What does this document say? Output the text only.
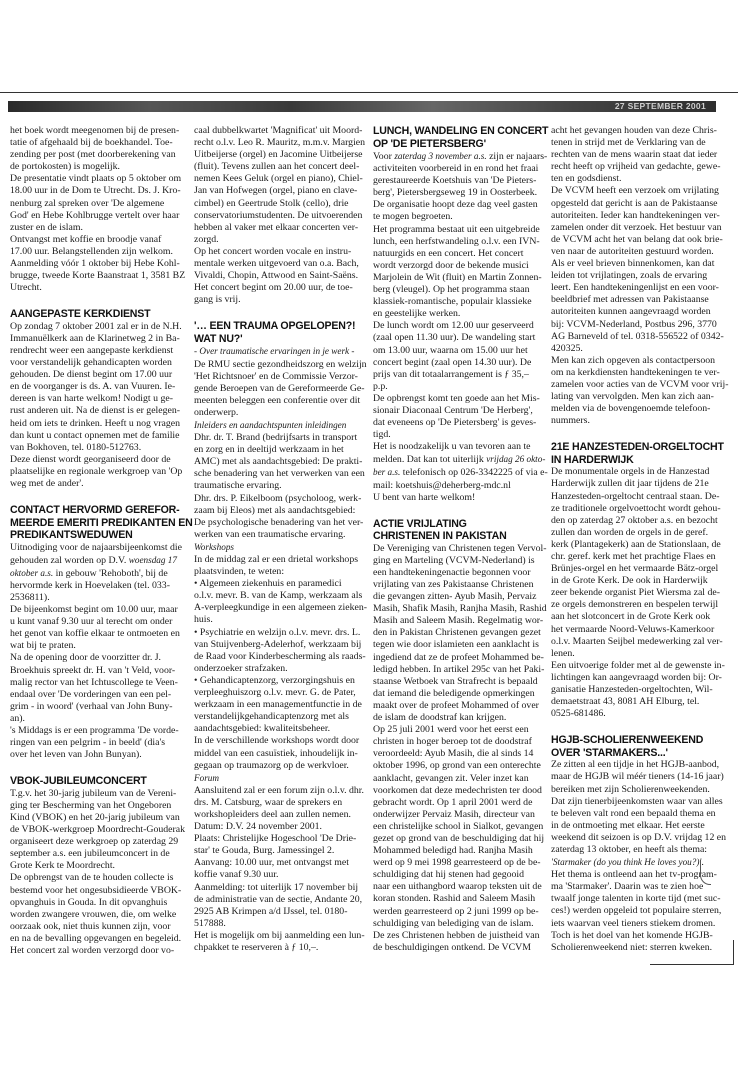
27 SEPTEMBER 2001
het boek wordt meegenomen bij de presen-
tatie of afgehaald bij de boekhandel. Toe-
zending per post (met doorberekening van
de portokosten) is mogelijk.
De presentatie vindt plaats op 5 oktober om
18.00 uur in de Dom te Utrecht. Ds. J. Kro-
nenburg zal spreken over 'De algemene
God' en Hebe Kohlbrugge vertelt over haar
zuster en de islam.
Ontvangst met koffie en broodje vanaf
17.00 uur. Belangstellenden zijn welkom.
Aanmelding vóór 1 oktober bij Hebe Kohl-
brugge, tweede Korte Baanstraat 1, 3581 BZ
Utrecht.
AANGEPASTE KERKDIENST
Op zondag 7 oktober 2001 zal er in de N.H.
Immanuëlkerk aan de Klarinetweg 2 in Ba-
rendrecht weer een aangepaste kerkdienst
voor verstandelijk gehandicapten worden
gehouden. De dienst begint om 17.00 uur
en de voorganger is ds. A. van Vuuren. Ie-
dereen is van harte welkom! Nodigt u ge-
rust anderen uit. Na de dienst is er gelegen-
heid om iets te drinken. Heeft u nog vragen
dan kunt u contact opnemen met de familie
van Bokhoven, tel. 0180-512763.
Deze dienst wordt georganiseerd door de
plaatselijke en regionale werkgroep van 'Op
weg met de ander'.
CONTACT HERVORMD GEREFOR-
MEERDE EMERITI PREDIKANTEN EN
PREDIKANTSWEDUWEN
Uitnodiging voor de najaarsbijeenkomst die
gehouden zal worden op D.V. woensdag 17
oktober a.s. in gebouw 'Rehoboth', bij de
hervormde kerk in Hoevelaken (tel. 033-
2536811).
De bijeenkomst begint om 10.00 uur, maar
u kunt vanaf 9.30 uur al terecht om onder
het genot van koffie elkaar te ontmoeten en
wat bij te praten.
Na de opening door de voorzitter dr. J.
Broekhuis spreekt dr. H. van 't Veld, voor-
malig rector van het Ichtuscollege te Veen-
endaal over 'De vorderingen van een pel-
grim - in woord' (verhaal van John Buny-
an).
's Middags is er een programma 'De vorde-
ringen van een pelgrim - in beeld' (dia's
over het leven van John Bunyan).
VBOK-JUBILEUMCONCERT
T.g.v. het 30-jarig jubileum van de Vereni-
ging ter Bescherming van het Ongeboren
Kind (VBOK) en het 20-jarig jubileum van
de VBOK-werkgroep Moordrecht-Gouderak
organiseert deze werkgroep op zaterdag 29
september a.s. een jubileumconcert in de
Grote Kerk te Moordrecht.
De opbrengst van de te houden collecte is
bestemd voor het ongesubsidieerde VBOK-
opvanghuis in Gouda. In dit opvanghuis
worden zwangere vrouwen, die, om welke
oorzaak ook, niet thuis kunnen zijn, voor
en na de bevalling opgevangen en begeleid.
Het concert zal worden verzorgd door vo-
caal dubbelkwartet 'Magnificat' uit Moord-
recht o.l.v. Leo R. Mauritz, m.m.v. Margien
Uitbeijerse (orgel) en Jacomine Uitbeijerse
(fluit). Tevens zullen aan het concert deel-
nemen Kees Geluk (orgel en piano), Chiel-
Jan van Hofwegen (orgel, piano en clave-
cimbel) en Geertrude Stolk (cello), drie
conservatoriumstudenten. De uitvoerenden
hebben al vaker met elkaar concerten ver-
zorgd.
Op het concert worden vocale en instru-
mentale werken uitgevoerd van o.a. Bach,
Vivaldi, Chopin, Attwood en Saint-Saëns.
Het concert begint om 20.00 uur, de toe-
gang is vrij.
'… EEN TRAUMA OPGELOPEN?!
WAT NU?'
- Over traumatische ervaringen in je werk -
De RMU sectie gezondheidszorg en welzijn
'Het Richtsnoer' en de Commissie Verzor-
gende Beroepen van de Gereformeerde Ge-
meenten beleggen een conferentie over dit
onderwerp.
Inleiders en aandachtspunten inleidingen
Dhr. dr. T. Brand (bedrijfsarts in transport
en zorg en in deeltijd werkzaam in het
AMC) met als aandachtsgebied: De prakti-
sche benadering van het verwerken van een
traumatische ervaring.
Dhr. drs. P. Eikelboom (psycholoog, werk-
zaam bij Eleos) met als aandachtsgebied:
De psychologische benadering van het ver-
werken van een traumatische ervaring.
Workshops
In de middag zal er een drietal workshops
plaatsvinden, te weten:
• Algemeen ziekenhuis en paramedici
o.l.v. mevr. B. van de Kamp, werkzaam als
A-verpleegkundige in een algemeen zieken-
huis.
• Psychiatrie en welzijn o.l.v. mevr. drs. L.
van Stuijvenberg-Adelerhof, werkzaam bij
de Raad voor Kinderbescherming als raads-
onderzoeker strafzaken.
• Gehandicaptenzorg, verzorgingshuis en
verpleeghuiszorg o.l.v. mevr. G. de Pater,
werkzaam in een managementfunctie in de
verstandelijkgehandicaptenzorg met als
aandachtsgebied: kwaliteitsbeheer.
In de verschillende workshops wordt door
middel van een casuïstiek, inhoudelijk in-
gegaan op traumazorg op de werkvloer.
Forum
Aansluitend zal er een forum zijn o.l.v. dhr.
drs. M. Catsburg, waar de sprekers en
workshopleiders deel aan zullen nemen.
Datum: D.V. 24 november 2001.
Plaats: Christelijke Hogeschool 'De Drie-
star' te Gouda, Burg. Jamessingel 2.
Aanvang: 10.00 uur, met ontvangst met
koffie vanaf 9.30 uur.
Aanmelding: tot uiterlijk 17 november bij
de administratie van de sectie, Andante 20,
2925 AB Krimpen a/d IJssel, tel. 0180-
517888.
Het is mogelijk om bij aanmelding een lun-
chpakket te reserveren à ƒ 10,–.
LUNCH, WANDELING EN CONCERT
OP 'DE PIETERSBERG'
Voor zaterdag 3 november a.s. zijn er najaars-
activiteiten voorbereid in en rond het fraai
gerestaureerde Koetshuis van 'De Pieters-
berg', Pietersbergseweg 19 in Oosterbeek.
De organisatie hoopt deze dag veel gasten
te mogen begroeten.
Het programma bestaat uit een uitgebreide
lunch, een herfstwandeling o.l.v. een IVN-
natuurgids en een concert. Het concert
wordt verzorgd door de bekende musici
Marjolein de Wit (fluit) en Martin Zonnen-
berg (vleugel). Op het programma staan
klassiek-romantische, populair klassieke
en geestelijke werken.
De lunch wordt om 12.00 uur geserveerd
(zaal open 11.30 uur). De wandeling start
om 13.00 uur, waarna om 15.00 uur het
concert begint (zaal open 14.30 uur). De
prijs van dit totaalarrangement is ƒ 35,–
p.p.
De opbrengst komt ten goede aan het Mis-
sionair Diaconaal Centrum 'De Herberg',
dat eveneens op 'De Pietersberg' is geves-
tigd.
Het is noodzakelijk u van tevoren aan te
melden. Dat kan tot uiterlijk vrijdag 26 okto-
ber a.s. telefonisch op 026-3342225 of via e-
mail: koetshuis@deherberg-mdc.nl
U bent van harte welkom!
ACTIE VRIJLATING
CHRISTENEN IN PAKISTAN
De Vereniging van Christenen tegen Vervol-
ging en Marteling (VCVM-Nederland) is
een handtekeningenactie begonnen voor
vrijlating van zes Pakistaanse Christenen
die gevangen zitten- Ayub Masih, Pervaiz
Masih, Shafik Masih, Ranjha Masih, Rashid
Masih and Saleem Masih. Regelmatig wor-
den in Pakistan Christenen gevangen gezet
tegen wie door islamieten een aanklacht is
ingediend dat ze de profeet Mohammed be-
ledigd hebben. In artikel 295c van het Paki-
staanse Wetboek van Strafrecht is bepaald
dat iemand die beledigende opmerkingen
maakt over de profeet Mohammed of over
de islam de doodstraf kan krijgen.
Op 25 juli 2001 werd voor het eerst een
christen in hoger beroep tot de doodstraf
veroordeeld: Ayub Masih, die al sinds 14
oktober 1996, op grond van een onterechte
aanklacht, gevangen zit. Veler inzet kan
voorkomen dat deze medechristen ter dood
gebracht wordt. Op 1 april 2001 werd de
onderwijzer Pervaiz Masih, directeur van
een christelijke school in Sialkot, gevangen
gezet op grond van de beschuldiging dat hij
Mohammed beledigd had. Ranjha Masih
werd op 9 mei 1998 gearresteerd op de be-
schuldiging dat hij stenen had gegooid
naar een uithangbord waarop teksten uit de
koran stonden. Rashid and Saleem Masih
werden gearresteerd op 2 juni 1999 op be-
schuldiging van belediging van de islam.
De zes Christenen hebben de juistheid van
de beschuldigingen ontkend. De VCVM
acht het gevangen houden van deze Chris-
tenen in strijd met de Verklaring van de
rechten van de mens waarin staat dat ieder
recht heeft op vrijheid van gedachte, gewe-
ten en godsdienst.
De VCVM heeft een verzoek om vrijlating
opgesteld dat gericht is aan de Pakistaanse
autoriteiten. Ieder kan handtekeningen ver-
zamelen onder dit verzoek. Het bestuur van
de VCVM acht het van belang dat ook brie-
ven naar de autoriteiten gestuurd worden.
Als er veel brieven binnenkomen, kan dat
leiden tot vrijlatingen, zoals de ervaring
leert. Een handtekeningenlijst en een voor-
beeldbrief met adressen van Pakistaanse
autoriteiten kunnen aangevraagd worden
bij: VCVM-Nederland, Postbus 296, 3770
AG Barneveld of tel. 0318-556522 of 0342-
420325.
Men kan zich opgeven als contactpersoon
om na kerkdiensten handtekeningen te ver-
zamelen voor acties van de VCVM voor vrij-
lating van vervolgden. Men kan zich aan-
melden via de bovengenoemde telefoon-
nummers.
21E HANZESTEDEN-ORGELTOCHT
IN HARDERWIJK
De monumentale orgels in de Hanzestad
Harderwijk zullen dit jaar tijdens de 21e
Hanzesteden-orgeltocht centraal staan. De-
ze traditionele orgelvoettocht wordt gehou-
den op zaterdag 27 oktober a.s. en bezocht
zullen dan worden de orgels in de geref.
kerk (Plantagekerk) aan de Stationslaan, de
chr. geref. kerk met het prachtige Flaes en
Brünjes-orgel en het vermaarde Bätz-orgel
in de Grote Kerk. De ook in Harderwijk
zeer bekende organist Piet Wiersma zal de-
ze orgels demonstreren en bespelen terwijl
aan het slotconcert in de Grote Kerk ook
het vermaarde Noord-Veluws-Kamerkoor
o.l.v. Maarten Seijbel medewerking zal ver-
lenen.
Een uitvoerige folder met al de gewenste in-
lichtingen kan aangevraagd worden bij: Or-
ganisatie Hanzesteden-orgeltochten, Wil-
demaetstraat 43, 8081 AH Elburg, tel.
0525-681486.
HGJB-SCHOLIERENWEEKEND
OVER 'STARMAKERS...'
Ze zitten al een tijdje in het HGJB-aanbod,
maar de HGJB wil méér tieners (14-16 jaar)
bereiken met zijn Scholierenweekenden.
Dat zijn tienerbijeenkomsten waar van alles
te beleven valt rond een bepaald thema en
in de ontmoeting met elkaar. Het eerste
weekend dit seizoen is op D.V. vrijdag 12 en
zaterdag 13 oktober, en heeft als thema:
'Starmaker (do you think He loves you?)'.
Het thema is ontleend aan het tv-program-
ma 'Starmaker'. Daarin was te zien hoe
twaalf jonge talenten in korte tijd (met suc-
ces!) werden opgeleid tot populaire sterren,
iets waarvan veel tieners stiekem dromen.
Toch is het doel van het komende HGJB-
Scholierenweekend niet: sterren kweken.
